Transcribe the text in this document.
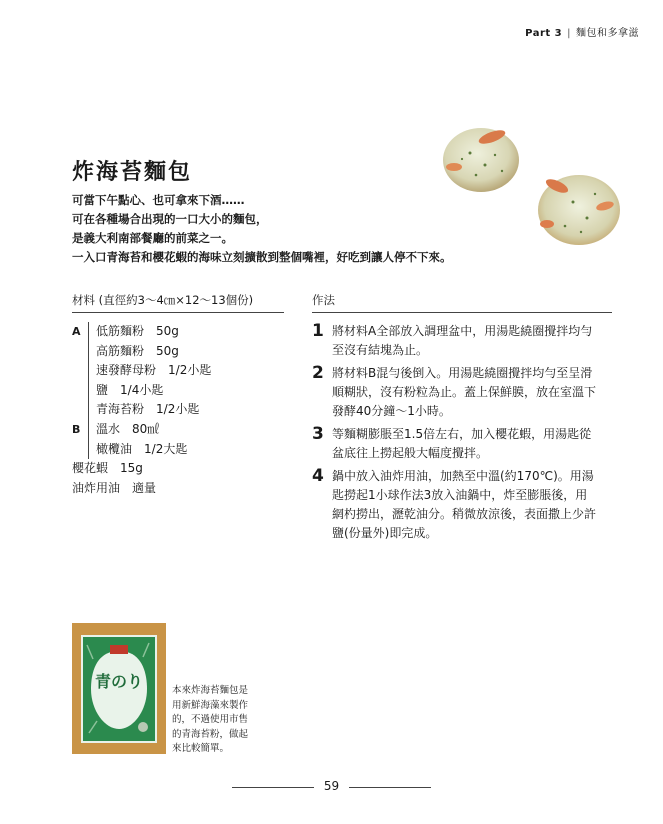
Part 3 | 麵包和多拿滋
炸海苔麵包
可當下午點心、也可拿來下酒……
可在各種場合出現的一口大小的麵包，
是義大利南部餐廳的前菜之一。
一入口青海苔和櫻花蝦的海味立刻擴散到整個嘴裡，好吃到讓人停不下來。
材料 (直徑約3～4㎝×12～13個份)	作法
A	低筋麵粉 50g
高筋麵粉 50g
速發酵母粉 1/2小匙
鹽 1/4小匙
青海苔粉 1/2小匙
B	溫水 80㎖
橄欖油 1/2大匙
櫻花蝦 15g
油炸用油 適量
1 將材料A全部放入調理盆中，用湯匙繞圈攪拌均勻
至沒有結塊為止。
2 將材料B混勻後倒入。用湯匙繞圈攪拌均勻至呈滑
順糊狀，沒有粉粒為止。蓋上保鮮膜，放在室溫下
發酵40分鐘～1小時。
3 等麵糊膨脹至1.5倍左右，加入櫻花蝦，用湯匙從
盆底往上撈起般大幅度攪拌。
4 鍋中放入油炸用油，加熱至中溫(約170℃)。用湯
匙撈起1小球作法3放入油鍋中，炸至膨脹後，用
網杓撈出，瀝乾油分。稍微放涼後，表面撒上少許
鹽(份量外)即完成。
青のり	本來炸海苔麵包是
用新鮮海藻來製作
的，不過使用市售
的青海苔粉，做起
來比較簡單。
59
